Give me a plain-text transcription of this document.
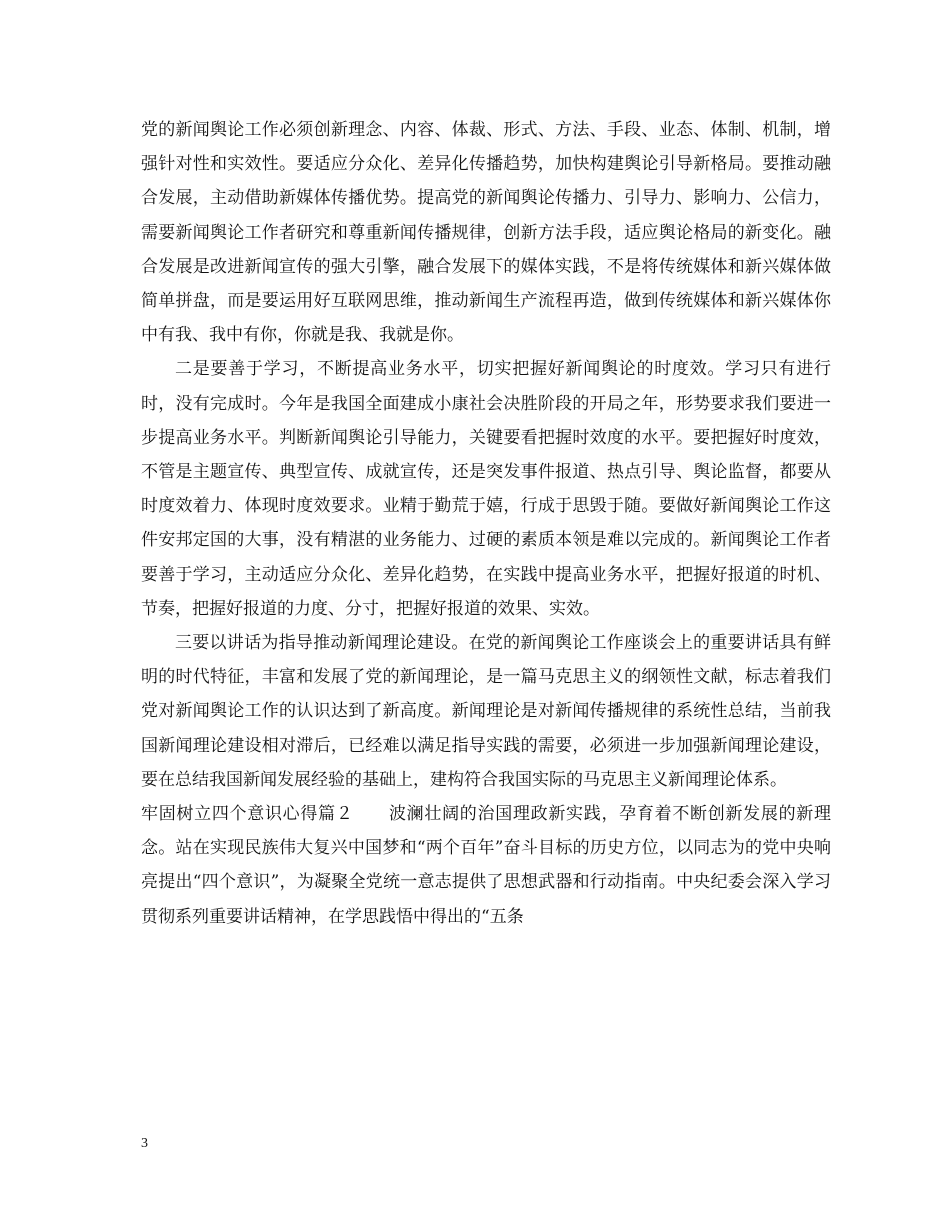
党的新闻舆论工作必须创新理念、内容、体裁、形式、方法、手段、业态、体制、机制，增强针对性和实效性。要适应分众化、差异化传播趋势，加快构建舆论引导新格局。要推动融合发展，主动借助新媒体传播优势。提高党的新闻舆论传播力、引导力、影响力、公信力，需要新闻舆论工作者研究和尊重新闻传播规律，创新方法手段，适应舆论格局的新变化。融合发展是改进新闻宣传的强大引擎，融合发展下的媒体实践，不是将传统媒体和新兴媒体做简单拼盘，而是要运用好互联网思维，推动新闻生产流程再造，做到传统媒体和新兴媒体你中有我、我中有你，你就是我、我就是你。

二是要善于学习，不断提高业务水平，切实把握好新闻舆论的时度效。学习只有进行时，没有完成时。今年是我国全面建成小康社会决胜阶段的开局之年，形势要求我们要进一步提高业务水平。判断新闻舆论引导能力，关键要看把握时效度的水平。要把握好时度效，不管是主题宣传、典型宣传、成就宣传，还是突发事件报道、热点引导、舆论监督，都要从时度效着力、体现时度效要求。业精于勤荒于嬉，行成于思毁于随。要做好新闻舆论工作这件安邦定国的大事，没有精湛的业务能力、过硬的素质本领是难以完成的。新闻舆论工作者要善于学习，主动适应分众化、差异化趋势，在实践中提高业务水平，把握好报道的时机、节奏，把握好报道的力度、分寸，把握好报道的效果、实效。

三要以讲话为指导推动新闻理论建设。在党的新闻舆论工作座谈会上的重要讲话具有鲜明的时代特征，丰富和发展了党的新闻理论，是一篇马克思主义的纲领性文献，标志着我们党对新闻舆论工作的认识达到了新高度。新闻理论是对新闻传播规律的系统性总结，当前我国新闻理论建设相对滞后，已经难以满足指导实践的需要，必须进一步加强新闻理论建设，要在总结我国新闻发展经验的基础上，建构符合我国实际的马克思主义新闻理论体系。

牢固树立四个意识心得篇２　　波澜壮阔的治国理政新实践，孕育着不断创新发展的新理念。站在实现民族伟大复兴中国梦和“两个百年”奋斗目标的历史方位，以同志为的党中央响亮提出“四个意识”，为凝聚全党统一意志提供了思想武器和行动指南。中央纪委会深入学习贯彻系列重要讲话精神，在学思践悟中得出的“五条

3
